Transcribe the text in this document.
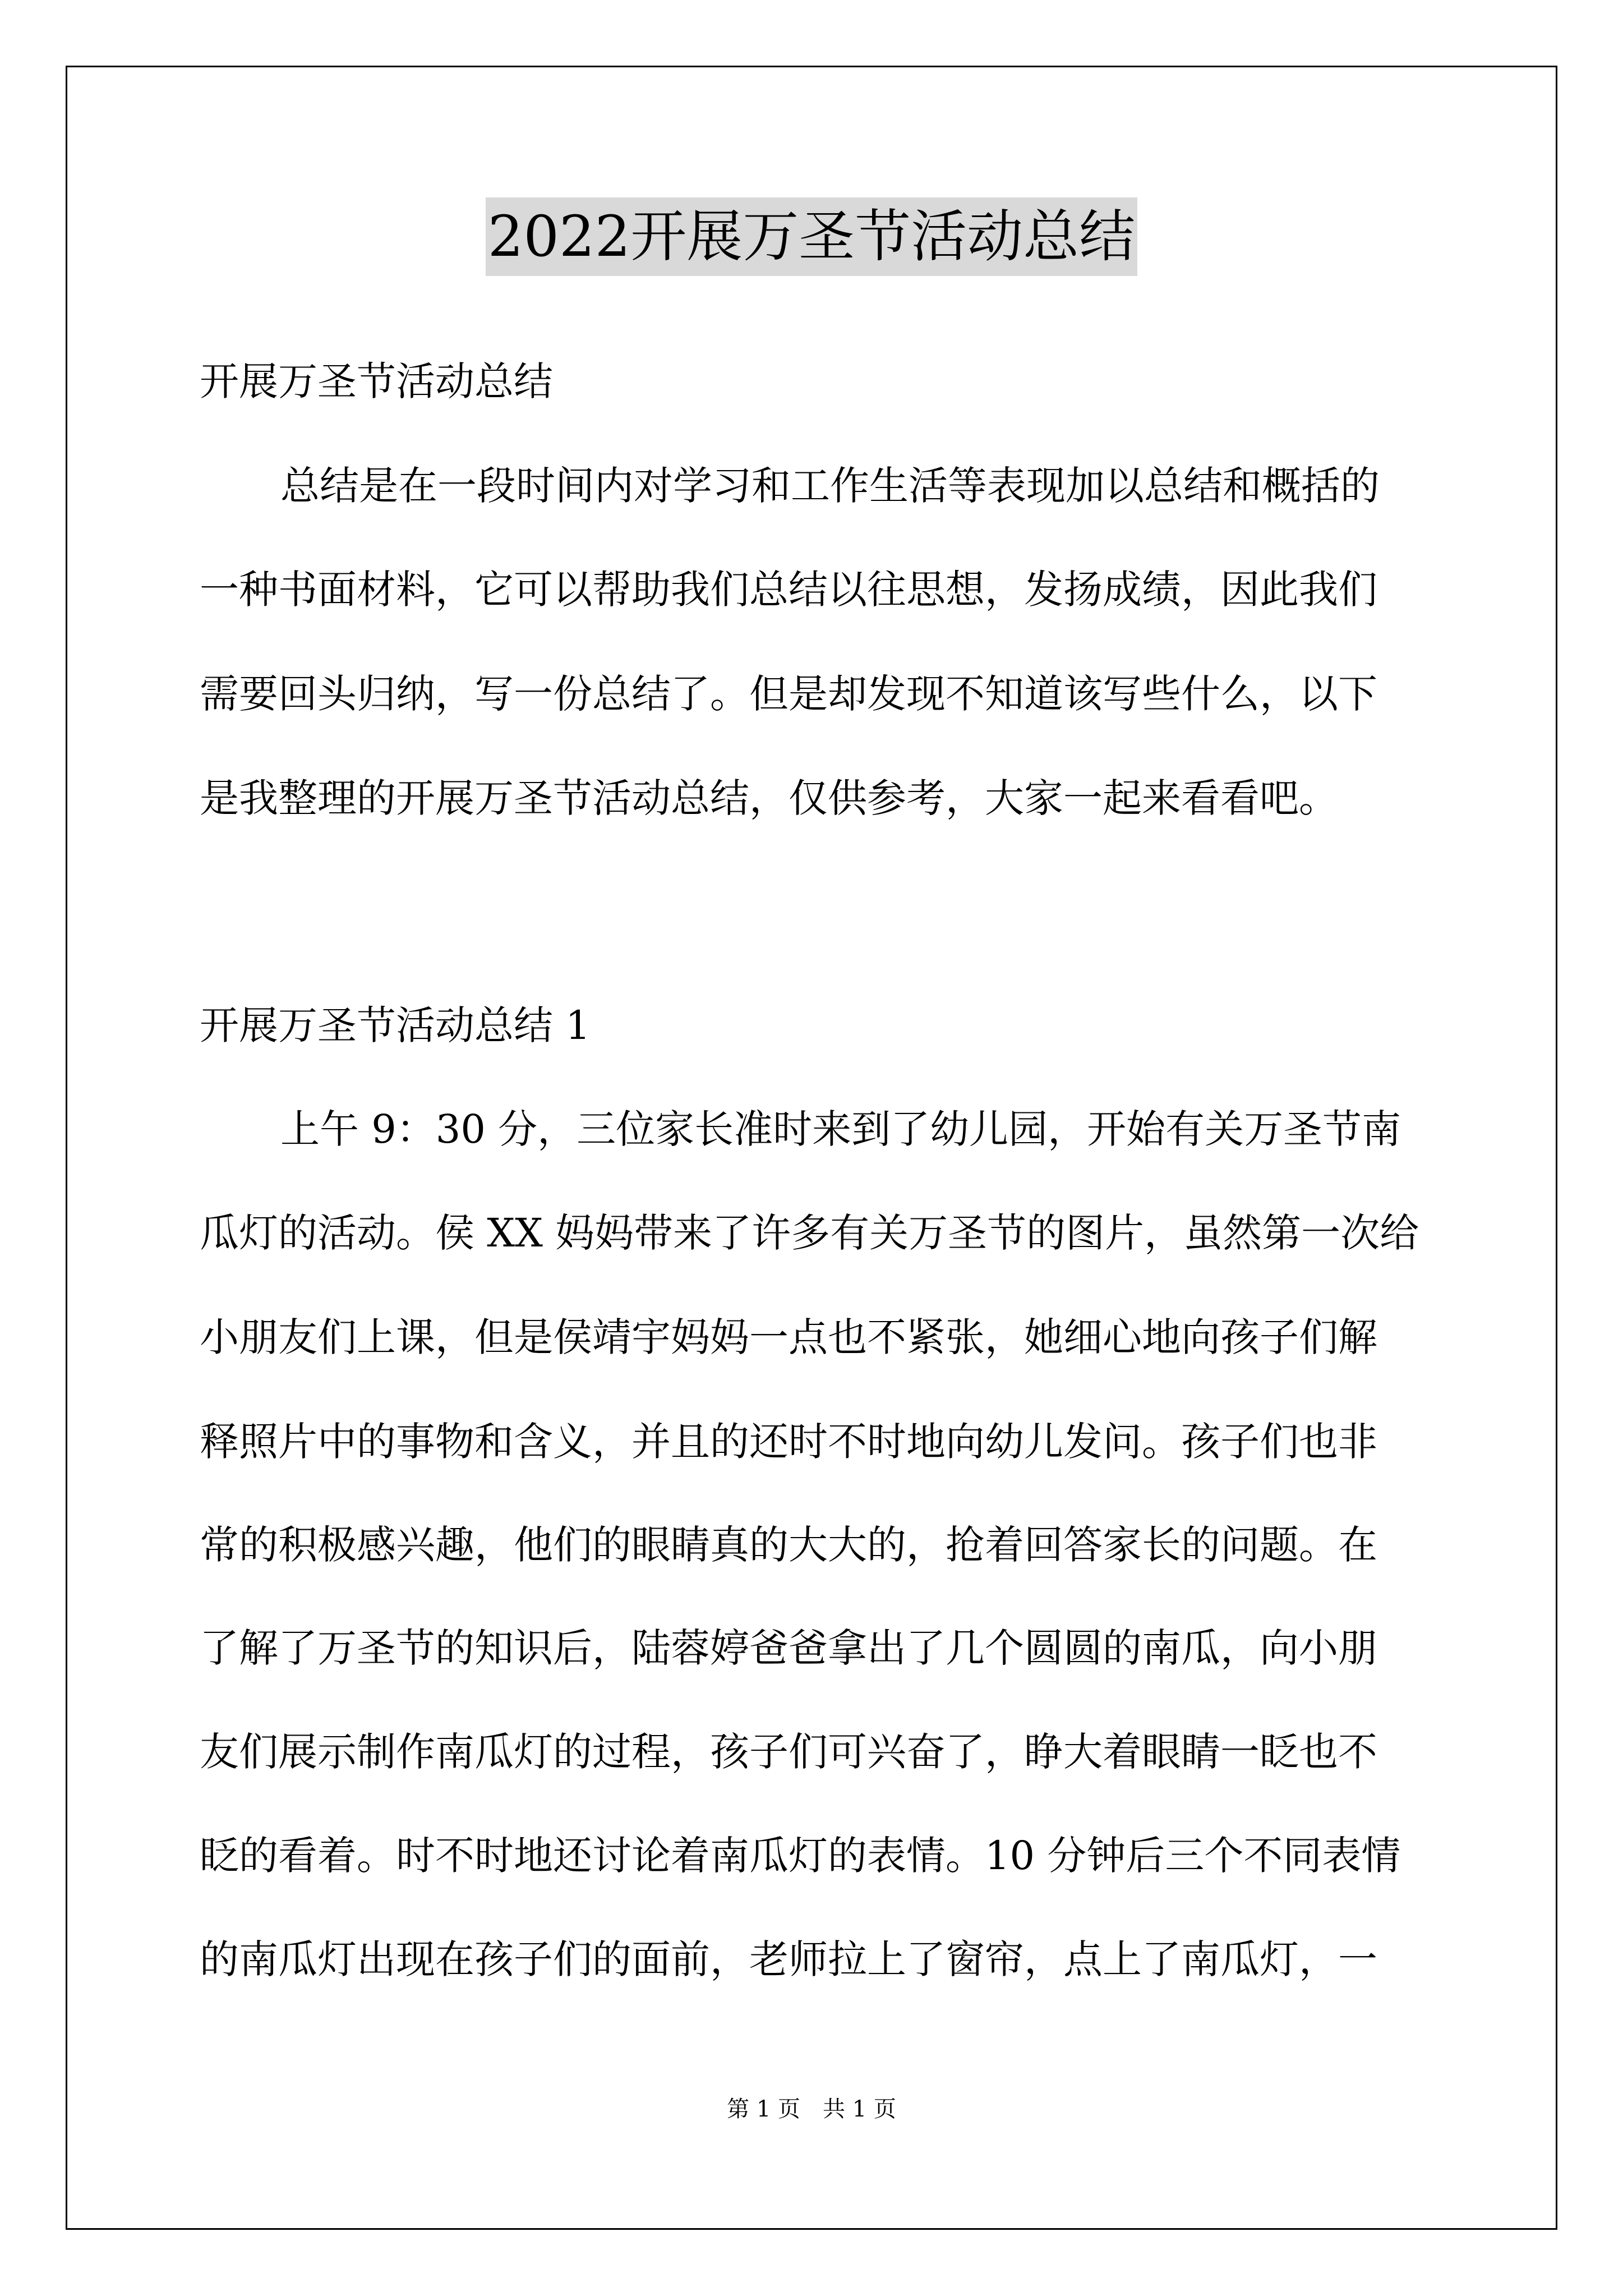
2022开展万圣节活动总结
开展万圣节活动总结
总结是在一段时间内对学习和工作生活等表现加以总结和概括的
一种书面材料，它可以帮助我们总结以往思想，发扬成绩，因此我们
需要回头归纳，写一份总结了。但是却发现不知道该写些什么，以下
是我整理的开展万圣节活动总结，仅供参考，大家一起来看看吧。
开展万圣节活动总结 1
上午 9：30 分，三位家长准时来到了幼儿园，开始有关万圣节南
瓜灯的活动。侯 XX 妈妈带来了许多有关万圣节的图片，虽然第一次给
小朋友们上课，但是侯靖宇妈妈一点也不紧张，她细心地向孩子们解
释照片中的事物和含义，并且的还时不时地向幼儿发问。孩子们也非
常的积极感兴趣，他们的眼睛真的大大的，抢着回答家长的问题。在
了解了万圣节的知识后，陆蓉婷爸爸拿出了几个圆圆的南瓜，向小朋
友们展示制作南瓜灯的过程，孩子们可兴奋了，睁大着眼睛一眨也不
眨的看着。时不时地还讨论着南瓜灯的表情。10 分钟后三个不同表情
的南瓜灯出现在孩子们的面前，老师拉上了窗帘，点上了南瓜灯，一
第 1 页　共 1 页
